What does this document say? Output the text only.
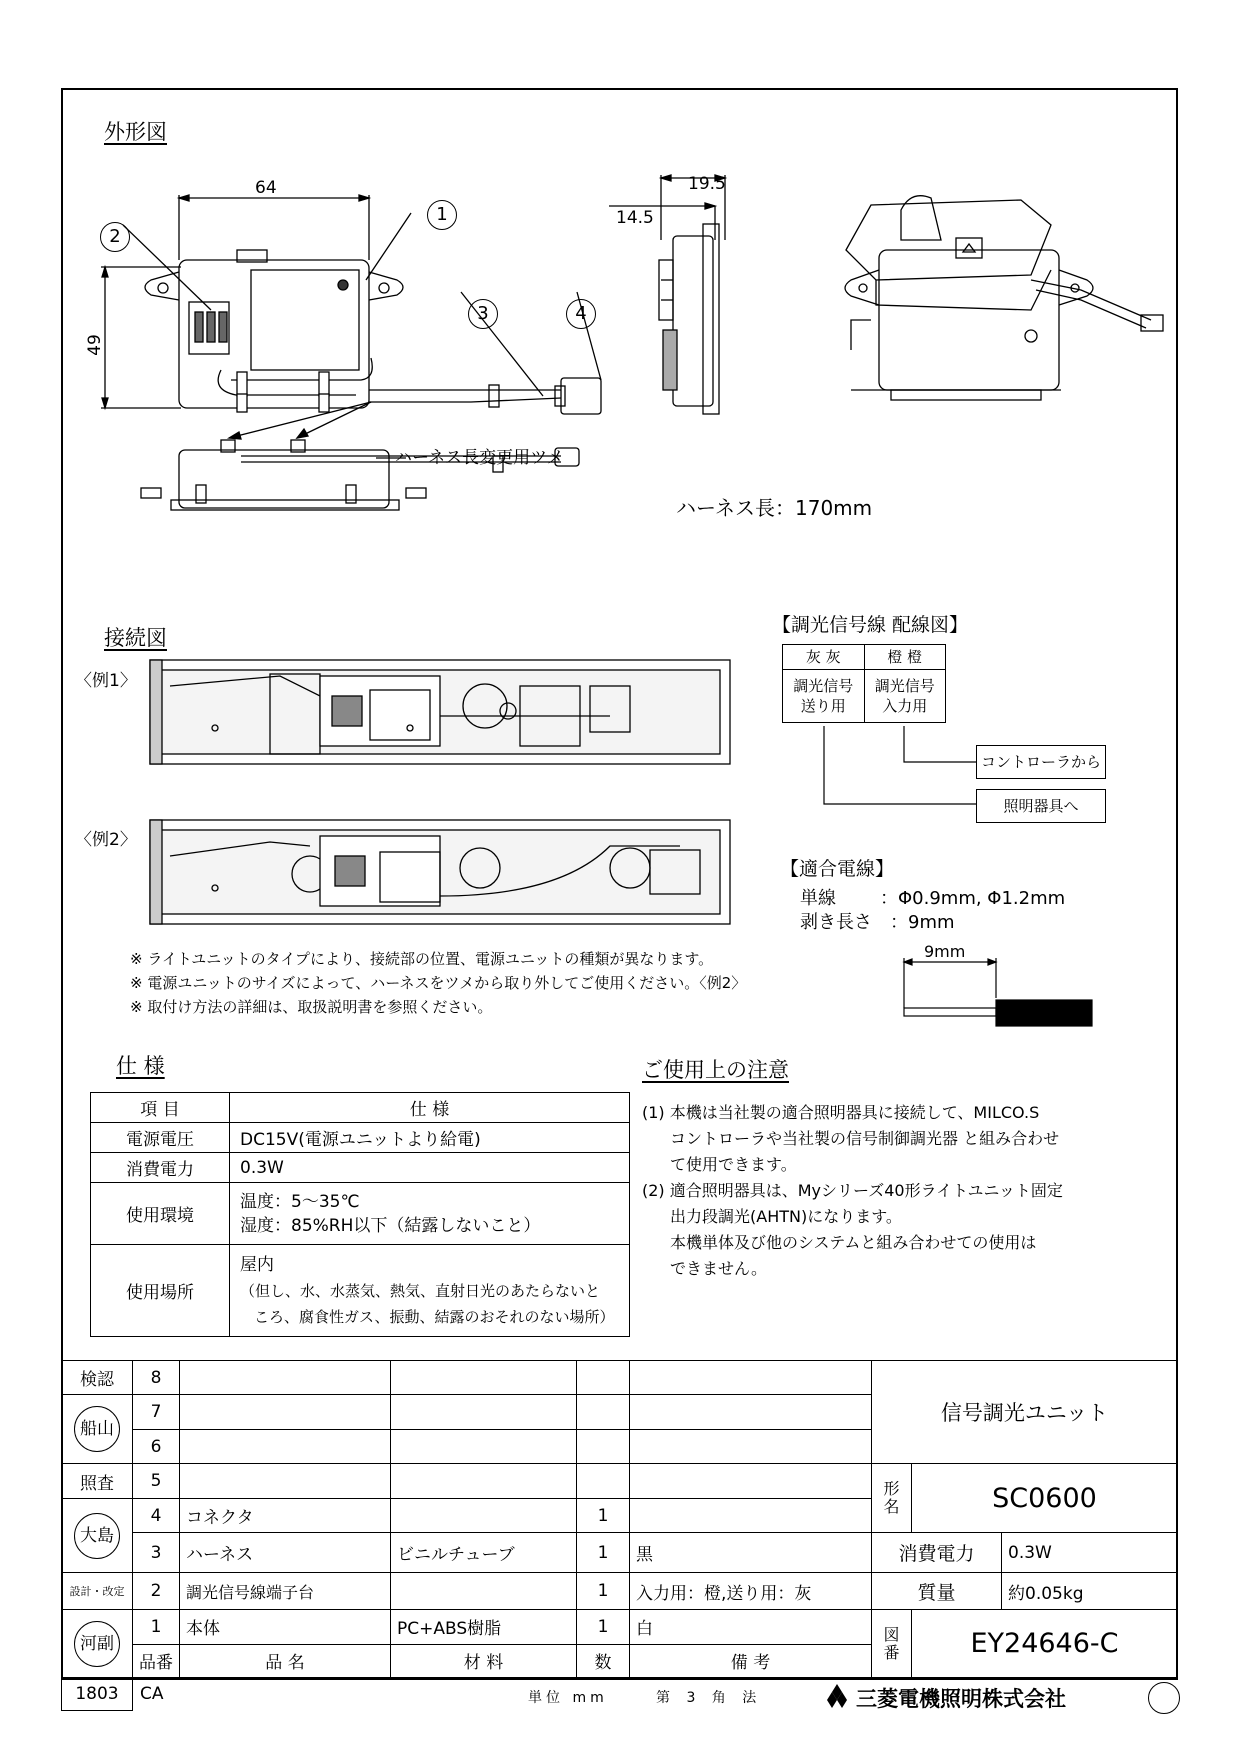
外形図
64
49
19.5
14.5
1
2
3	4
ハーネス長変更用ツメ
ハーネス長：170mm
接続図
〈例1〉
〈例2〉
※ ライトユニットのタイプにより、接続部の位置、電源ユニットの種類が異なります。
※ 電源ユニットのサイズによって、ハーネスをツメから取り外してご使用ください。〈例2〉
※ 取付け方法の詳細は、取扱説明書を参照ください。
【調光信号線 配線図】
灰 灰	橙 橙
調光信号送り用	調光信号入力用
コントローラから
照明器具へ
【適合電線】
単線 ：Φ0.9mm, Φ1.2mm
剥き長さ ：9mm
9mm
仕 様
項 目	仕 様
電源電圧	DC15V(電源ユニットより給電)
消費電力	0.3W
使用環境	温度：5～35℃
湿度：85%RH以下（結露しないこと）

使用場所	屋内
（但し、水、水蒸気、熱気、直射日光のあたらないと
ころ、腐食性ガス、振動、結露のおそれのない場所）
ご使用上の注意
(1) 本機は当社製の適合照明器具に接続して、MILCO.S
コントローラや当社製の信号制御調光器 と組み合わせ
て使用できます。
(2) 適合照明器具は、Myシリーズ40形ライトユニット固定
出力段調光(AHTN)になります。
本機単体及び他のシステムと組み合わせての使用は
できません。
検認	8					信号調光ユニット		
船山	7							
	6							
照査	5					形名	SC0600	
大島	4	コネクタ		1				
	3	ハーネス	ビニルチューブ	1	黒	消費電力		0.3W
設計・改定	2	調光信号線端子台		1	入力用：橙,送り用：灰	質量		約0.05kg
河副	1	本体	PC+ABS樹脂	1	白	図番	EY24646-C	
	品番	品 名	材 料	数	備 考			
1803	CA	単位 mm	第 3 角 法	三菱電機照明株式会社
